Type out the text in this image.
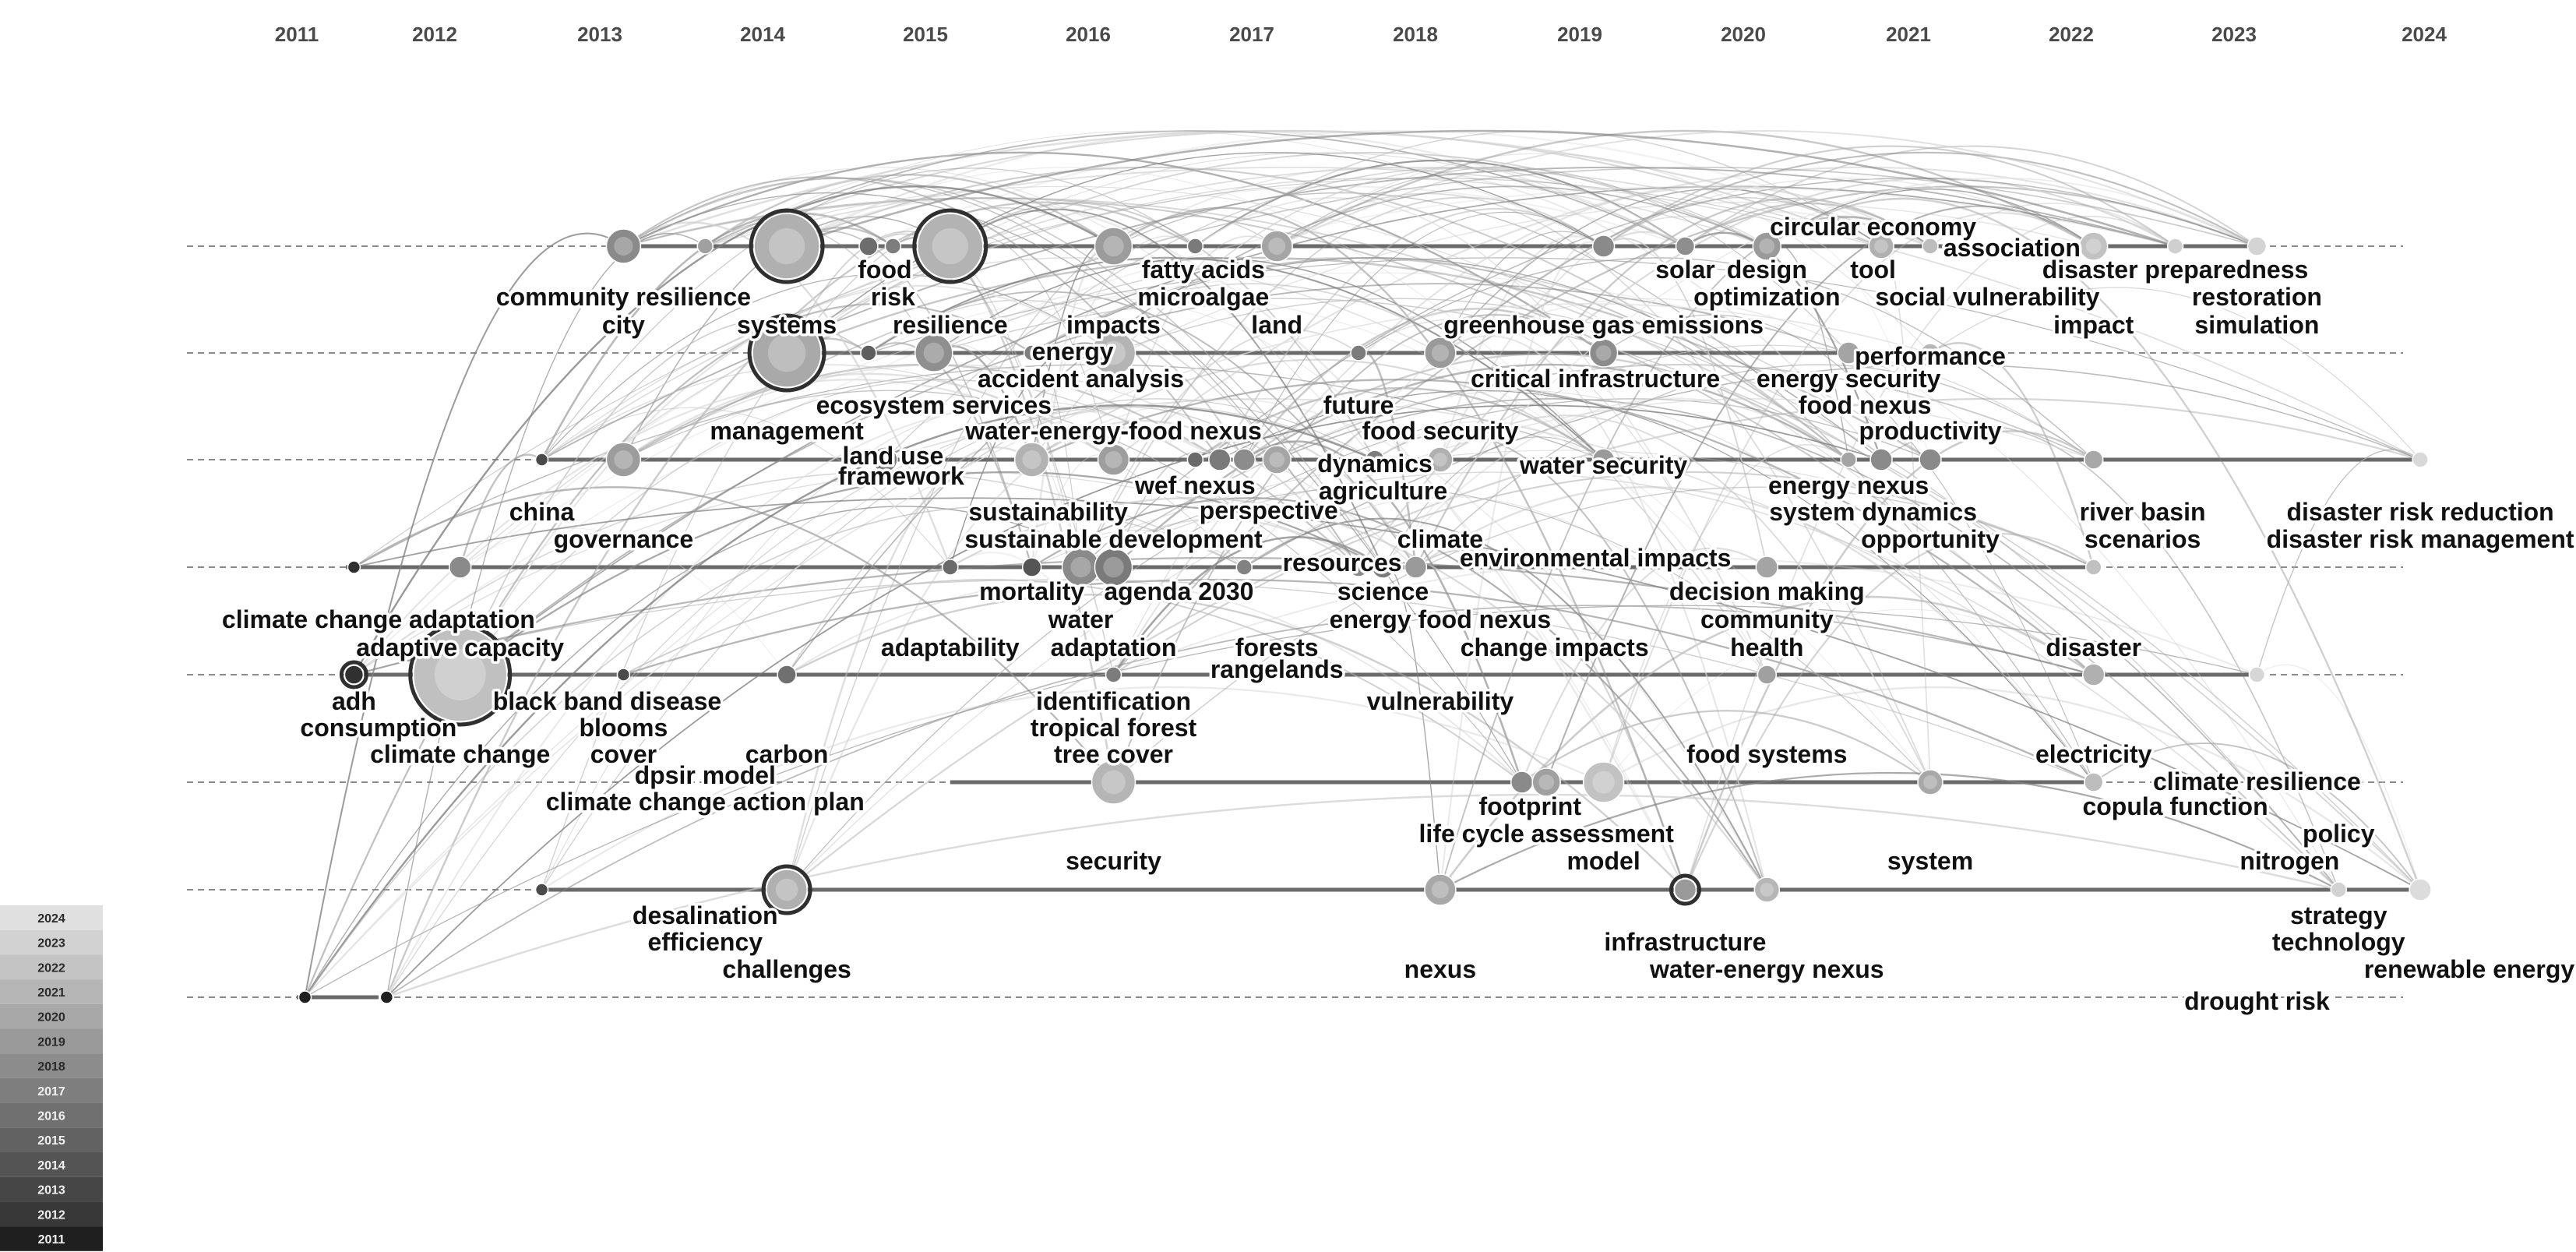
2011	2012	2013	2014	2015	2016	2017	2018	2019	2020	2021	2022	2023	2024
community resilience
city
food
risk
systems resilience
fatty acids
microalgae
impacts	land
circular economy
association
solar design tool	disaster preparedness
optimization social vulnerability	restoration
greenhouse gas emissions	impact simulation
energy
accident analysis
ecosystem services
management
land use
framework
performance
critical infrastructure energy security
future	food nexus
food security	productivity
water-energy-food nexus
wef nexus
dynamics
agriculture
water security
perspective
energy nexus
system dynamics	river basin	disaster risk reduction
china
governance
sustainability
sustainable development	climate	opportunity	scenarios	disaster risk management
resources environmental impacts
mortality agenda 2030	science	decision making
climate change adaptation	water	energy food nexus	community
adaptive capacity	adaptability adaptation forests
rangelands
change impacts	health	disaster
adh	black band disease	identification	vulnerability
consumption	blooms	tropical forest
climate change cover	carbon	tree cover	food systems	electricity
dpsir model	climate resilience
climate change action plan	footprint	copula function
life cycle assessment	policy
security	model	system	nitrogen
desalination	strategy
efficiency	infrastructure	technology
challenges	nexus	water-energy nexus	renewable energy
drought risk
2024
2023
2022
2021
2020
2019
2018
2017
2016
2015
2014
2013
2012
2011
